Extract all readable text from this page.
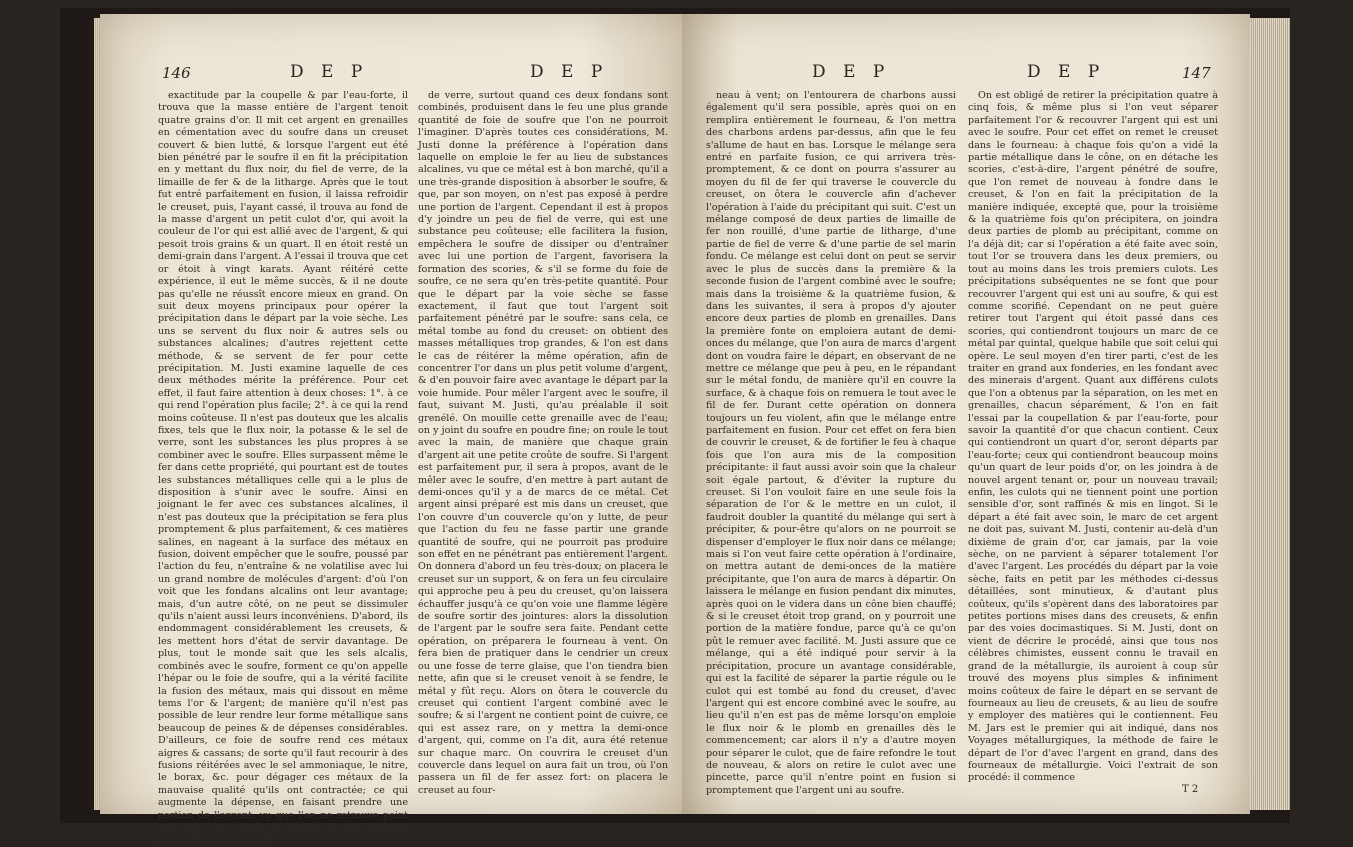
146	D E P	D E P

exactitude par la coupelle & par l'eau-forte, il trouva que la masse entière de l'argent tenoit quatre grains d'or. Il mit cet argent en grenailles en cémentation avec du soufre dans un creuset couvert & bien lutté, & lorsque l'argent eut été bien pénétré par le soufre il en fit la précipitation en y mettant du flux noir, du fiel de verre, de la limaille de fer & de la litharge. Après que le tout fut entré parfaitement en fusion, il laissa refroidir le creuset, puis, l'ayant cassé, il trouva au fond de la masse d'argent un petit culot d'or, qui avoit la couleur de l'or qui est allié avec de l'argent, & qui pesoit trois grains & un quart. Il en étoit resté un demi-grain dans l'argent. A l'essai il trouva que cet or étoit à vingt karats. Ayant réitéré cette expérience, il eut le même succès, & il ne doute pas qu'elle ne réussît encore mieux en grand. On suit deux moyens principaux pour opérer la précipitation dans le départ par la voie sèche. Les uns se servent du flux noir & autres sels ou substances alcalines; d'autres rejettent cette méthode, & se servent de fer pour cette précipitation. M. Justi examine laquelle de ces deux méthodes mérite la préférence. Pour cet effet, il faut faire attention à deux choses: 1°. à ce qui rend l'opération plus facile; 2°. à ce qui la rend moins coûteuse. Il n'est pas douteux que les alcalis fixes, tels que le flux noir, la potasse & le sel de verre, sont les substances les plus propres à se combiner avec le soufre. Elles surpassent même le fer dans cette propriété, qui pourtant est de toutes les substances métalliques celle qui a le plus de disposition à s'unir avec le soufre. Ainsi en joignant le fer avec ces substances alcalines, il n'est pas douteux que la précipitation se fera plus promptement & plus parfaitement, & ces matières salines, en nageant à la surface des métaux en fusion, doivent empêcher que le soufre, poussé par l'action du feu, n'entraîne & ne volatilise avec lui un grand nombre de molécules d'argent: d'où l'on voit que les fondans alcalins ont leur avantage; mais, d'un autre côté, on ne peut se dissimuler qu'ils n'aient aussi leurs inconvéniens. D'abord, ils endommagent considérablement les creusets, & les mettent hors d'état de servir davantage. De plus, tout le monde sait que les sels alcalis, combinés avec le soufre, forment ce qu'on appelle l'hépar ou le foie de soufre, qui a la vérité facilite la fusion des métaux, mais qui dissout en même tems l'or & l'argent; de manière qu'il n'est pas possible de leur rendre leur forme métallique sans beaucoup de peines & de dépenses considérables. D'ailleurs, ce foie de soufre rend ces métaux aigres & cassans; de sorte qu'il faut recourir à des fusions réitérées avec le sel ammoniaque, le nitre, le borax, &c. pour dégager ces métaux de la mauvaise qualité qu'ils ont contractée; ce qui augmente la dépense, en faisant prendre une portion de l'argent, vu que l'on ne retrouve point celui qui s'est converti en scories. M. Justi a trouvé que le flux noir & le fiel

de verre, surtout quand ces deux fondans sont combinés, produisent dans le feu une plus grande quantité de foie de soufre que l'on ne pourroit l'imaginer. D'après toutes ces considérations, M. Justi donne la préférence à l'opération dans laquelle on emploie le fer au lieu de substances alcalines, vu que ce métal est à bon marché, qu'il a une très-grande disposition à absorber le soufre, & que, par son moyen, on n'est pas exposé à perdre une portion de l'argent. Cependant il est à propos d'y joindre un peu de fiel de verre, qui est une substance peu coûteuse; elle facilitera la fusion, empêchera le soufre de dissiper ou d'entraîner avec lui une portion de l'argent, favorisera la formation des scories, & s'il se forme du foie de soufre, ce ne sera qu'en très-petite quantité. Pour que le départ par la voie sèche se fasse exactement, il faut que tout l'argent soit parfaitement pénétré par le soufre: sans cela, ce métal tombe au fond du creuset: on obtient des masses métalliques trop grandes, & l'on est dans le cas de réitérer la même opération, afin de concentrer l'or dans un plus petit volume d'argent, & d'en pouvoir faire avec avantage le départ par la voie humide. Pour mêler l'argent avec le soufre, il faut, suivant M. Justi, qu'au préalable il soit grenélé. On mouille cette grenaille avec de l'eau; on y joint du soufre en poudre fine; on roule le tout avec la main, de manière que chaque grain d'argent ait une petite croûte de soufre. Si l'argent est parfaitement pur, il sera à propos, avant de le mêler avec le soufre, d'en mettre à part autant de demi-onces qu'il y a de marcs de ce métal. Cet argent ainsi préparé est mis dans un creuset, que l'on couvre d'un couvercle qu'on y lutte, de peur que l'action du feu ne fasse partir une grande quantité de soufre, qui ne pourroit pas produire son effet en ne pénétrant pas entièrement l'argent. On donnera d'abord un feu très-doux; on placera le creuset sur un support, & on fera un feu circulaire qui approche peu à peu du creuset, qu'on laissera échauffer jusqu'à ce qu'on voie une flamme légère de soufre sortir des jointures: alors la dissolution de l'argent par le soufre sera faite. Pendant cette opération, on préparera le fourneau à vent. On fera bien de pratiquer dans le cendrier un creux ou une fosse de terre glaise, que l'on tiendra bien nette, afin que si le creuset venoit à se fendre, le métal y fût reçu. Alors on ôtera le couvercle du creuset qui contient l'argent combiné avec le soufre; & si l'argent ne contient point de cuivre, ce qui est assez rare, on y mettra la demi-once d'argent, qui, comme on l'a dit, aura été retenue sur chaque marc. On couvrira le creuset d'un couvercle dans lequel on aura fait un trou, où l'on passera un fil de fer assez fort: on placera le creuset au four-

D E P	D E P	147

neau à vent; on l'entourera de charbons aussi également qu'il sera possible, après quoi on en remplira entièrement le fourneau, & l'on mettra des charbons ardens par-dessus, afin que le feu s'allume de haut en bas. Lorsque le mélange sera entré en parfaite fusion, ce qui arrivera très-promptement, & ce dont on pourra s'assurer au moyen du fil de fer qui traverse le couvercle du creuset, on ôtera le couvercle afin d'achever l'opération à l'aide du précipitant qui suit. C'est un mélange composé de deux parties de limaille de fer non rouillé, d'une partie de litharge, d'une partie de fiel de verre & d'une partie de sel marin fondu. Ce mélange est celui dont on peut se servir avec le plus de succès dans la première & la seconde fusion de l'argent combiné avec le soufre; mais dans la troisième & la quatrième fusion, & dans les suivantes, il sera à propos d'y ajouter encore deux parties de plomb en grenailles. Dans la première fonte on emploiera autant de demi-onces du mélange, que l'on aura de marcs d'argent dont on voudra faire le départ, en observant de ne mettre ce mélange que peu à peu, en le répandant sur le métal fondu, de manière qu'il en couvre la surface, & à chaque fois on remuera le tout avec le fil de fer. Durant cette opération on donnera toujours un feu violent, afin que le mélange entre parfaitement en fusion. Pour cet effet on fera bien de couvrir le creuset, & de fortifier le feu à chaque fois que l'on aura mis de la composition précipitante: il faut aussi avoir soin que la chaleur soit égale partout, & d'éviter la rupture du creuset. Si l'on vouloit faire en une seule fois la séparation de l'or & le mettre en un culot, il faudroit doubler la quantité du mélange qui sert à précipiter, & pour-être qu'alors on ne pourroit se dispenser d'employer le flux noir dans ce mélange; mais si l'on veut faire cette opération à l'ordinaire, on mettra autant de demi-onces de la matière précipitante, que l'on aura de marcs à départir. On laissera le mélange en fusion pendant dix minutes, après quoi on le videra dans un cône bien chauffé; & si le creuset étoit trop grand, on y pourroit une portion de la matière fondue, parce qu'à ce qu'on pût le remuer avec facilité. M. Justi assure que ce mélange, qui a été indiqué pour servir à la précipitation, procure un avantage considérable, qui est la facilité de séparer la partie régule ou le culot qui est tombé au fond du creuset, d'avec l'argent qui est encore combiné avec le soufre, au lieu qu'il n'en est pas de même lorsqu'on emploie le flux noir & le plomb en grenailles dès le commencement; car alors il n'y a d'autre moyen pour séparer le culot, que de faire refondre le tout de nouveau, & alors on retire le culot avec une pincette, parce qu'il n'entre point en fusion si promptement que l'argent uni au soufre.

On est obligé de retirer la précipitation quatre à cinq fois, & même plus si l'on veut séparer parfaitement l'or & recouvrer l'argent qui est uni avec le soufre. Pour cet effet on remet le creuset dans le fourneau: à chaque fois qu'on a vidé la partie métallique dans le cône, on en détache les scories, c'est-à-dire, l'argent pénétré de soufre, que l'on remet de nouveau à fondre dans le creuset, & l'on en fait la précipitation de la manière indiquée, excepté que, pour la troisième & la quatrième fois qu'on précipitera, on joindra deux parties de plomb au précipitant, comme on l'a déjà dit; car si l'opération a été faite avec soin, tout l'or se trouvera dans les deux premiers, ou tout au moins dans les trois premiers culots. Les précipitations subséquentes ne se font que pour recouvrer l'argent qui est uni au soufre, & qui est comme scorifié. Cependant on ne peut guère retirer tout l'argent qui étoit passé dans ces scories, qui contiendront toujours un marc de ce métal par quintal, quelque habile que soit celui qui opère. Le seul moyen d'en tirer parti, c'est de les traiter en grand aux fonderies, en les fondant avec des minerais d'argent. Quant aux différens culots que l'on a obtenus par la séparation, on les met en grenailles, chacun séparément, & l'on en fait l'essai par la coupellation & par l'eau-forte, pour savoir la quantité d'or que chacun contient. Ceux qui contiendront un quart d'or, seront départs par l'eau-forte; ceux qui contiendront beaucoup moins qu'un quart de leur poids d'or, on les joindra à de nouvel argent tenant or, pour un nouveau travail; enfin, les culots qui ne tiennent point une portion sensible d'or, sont raffinés & mis en lingot. Si le départ a été fait avec soin, le marc de cet argent ne doit pas, suivant M. Justi, contenir au-delà d'un dixième de grain d'or, car jamais, par la voie sèche, on ne parvient à séparer totalement l'or d'avec l'argent. Les procédés du départ par la voie sèche, faits en petit par les méthodes ci-dessus détaillées, sont minutieux, & d'autant plus coûteux, qu'ils s'opèrent dans des laboratoires par petites portions mises dans des creusets, & enfin par des voies docimastiques. Si M. Justi, dont on vient de décrire le procédé, ainsi que tous nos célèbres chimistes, eussent connu le travail en grand de la métallurgie, ils auroient à coup sûr trouvé des moyens plus simples & infiniment moins coûteux de faire le départ en se servant de fourneaux au lieu de creusets, & au lieu de soufre y employer des matières qui le contiennent. Feu M. Jars est le premier qui ait indiqué, dans nos Voyages métallurgiques, la méthode de faire le départ de l'or d'avec l'argent en grand, dans des fourneaux de métallurgie. Voici l'extrait de son procédé: il commence

T 2
